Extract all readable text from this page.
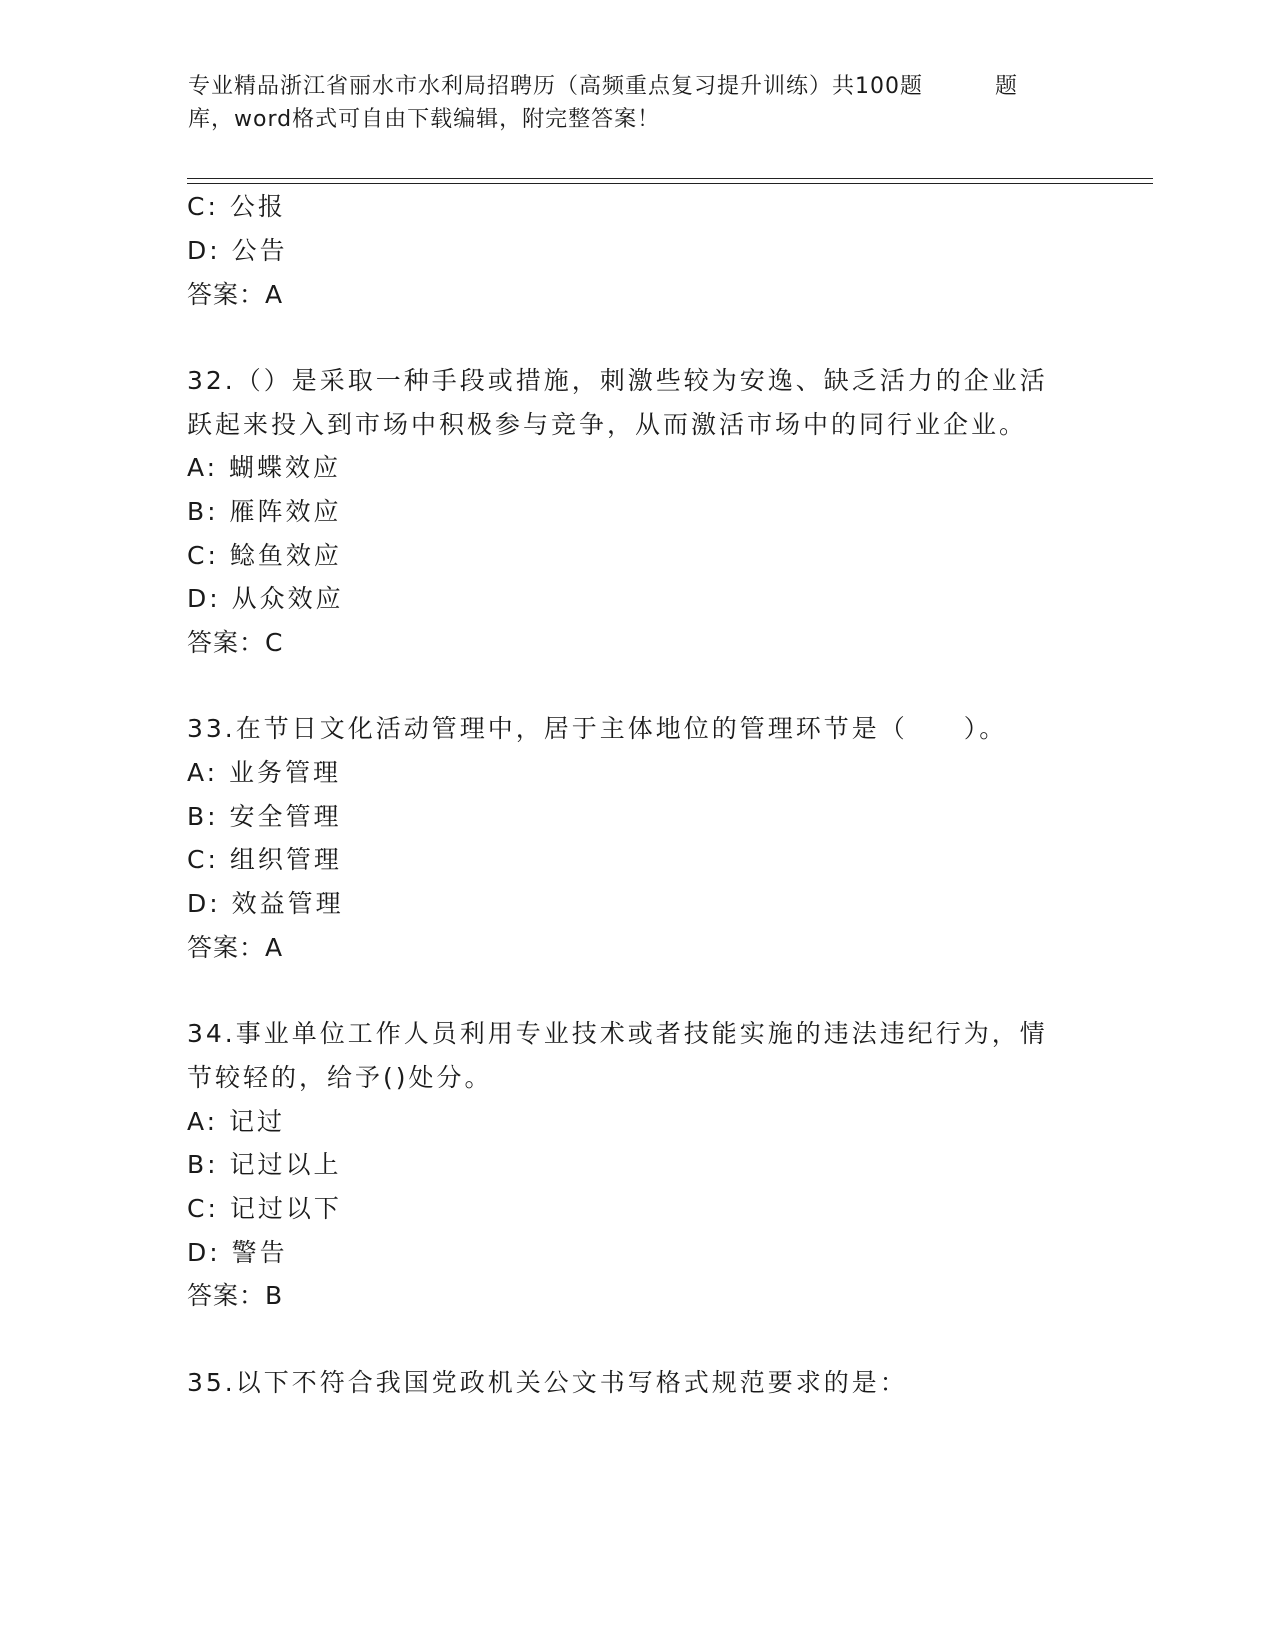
专业精品浙江省丽水市水利局招聘历（高频重点复习提升训练）共100题	题
库，word格式可自由下载编辑，附完整答案！
C: 公报
D: 公告
答案：A
32.（）是采取一种手段或措施，刺激些较为安逸、缺乏活力的企业活
跃起来投入到市场中积极参与竞争，从而激活市场中的同行业企业。
A: 蝴蝶效应
B: 雁阵效应
C: 鲶鱼效应
D: 从众效应
答案：C
33.在节日文化活动管理中，居于主体地位的管理环节是（　　）。
A: 业务管理
B: 安全管理
C: 组织管理
D: 效益管理
答案：A
34.事业单位工作人员利用专业技术或者技能实施的违法违纪行为，情
节较轻的，给予()处分。
A: 记过
B: 记过以上
C: 记过以下
D: 警告
答案：B
35.以下不符合我国党政机关公文书写格式规范要求的是：
